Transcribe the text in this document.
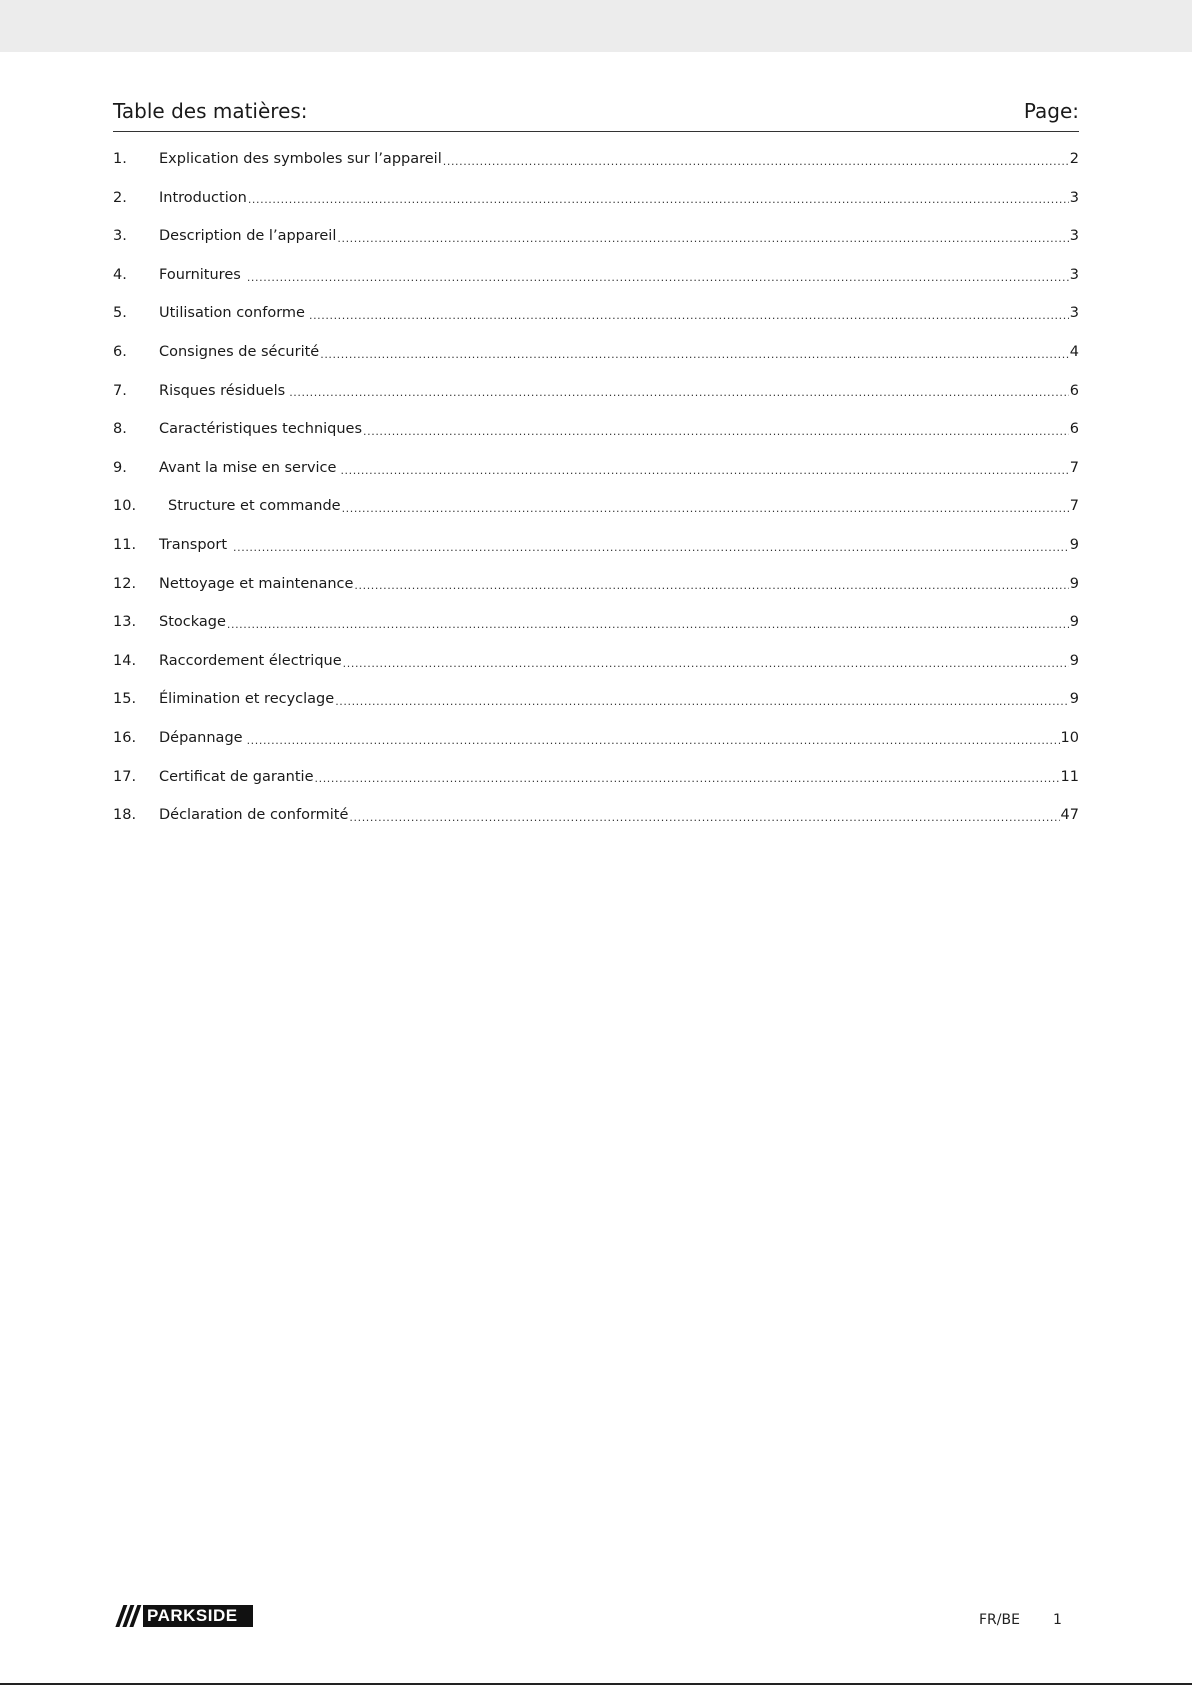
Table des matières:	Page:
1.	Explication des symboles sur l’appareil .....	2
2.	Introduction .....	3
3.	Description de l’appareil .....	3
4.	Fournitures .....	3
5.	Utilisation conforme .....	3
6.	Consignes de sécurité .....	4
7.	Risques résiduels .....	6
8.	Caractéristiques techniques .....	6
9.	Avant la mise en service .....	7
10.	Structure et commande .....	7
11.	Transport .....	9
12.	Nettoyage et maintenance .....	9
13.	Stockage .....	9
14.	Raccordement électrique .....	9
15.	Élimination et recyclage .....	9
16.	Dépannage .....	10
17.	Certificat de garantie .....	11
18.	Déclaration de conformité .....	47
PARKSIDE	FR/BE 1
